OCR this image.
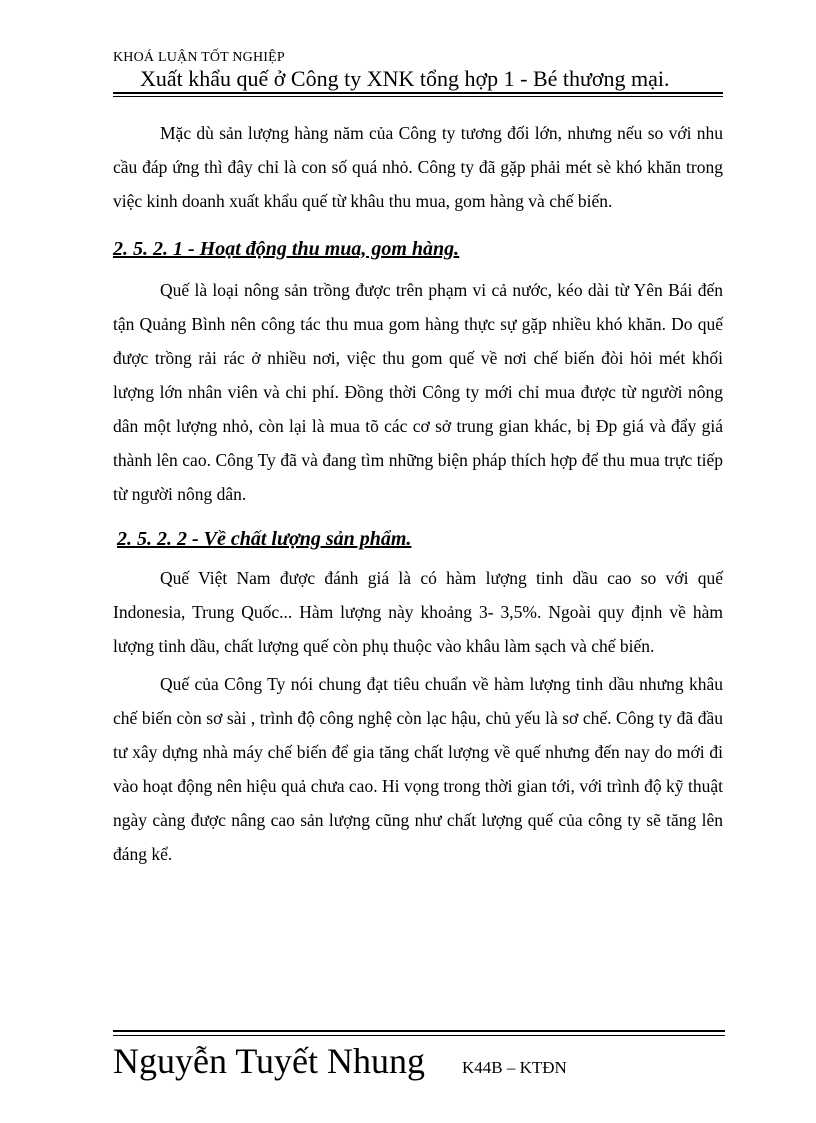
KHOÁ LUẬN TỐT NGHIỆP
Xuất khẩu quế ở Công ty XNK tổng hợp 1 - Bé thương mại.

Mặc dù sản lượng hàng năm của Công ty tương đối lớn, nhưng nếu so với nhu cầu đáp ứng thì đây chỉ là con số quá nhỏ. Công ty đã gặp phải mét sè khó khăn trong việc kinh doanh xuất khẩu quế từ khâu thu mua, gom hàng và chế biến.

2. 5. 2. 1 - Hoạt động thu mua, gom hàng.

Quế là loại nông sản trồng được trên phạm vi cả nước, kéo dài từ Yên Bái đến tận Quảng Bình nên công tác thu mua gom hàng thực sự gặp nhiều khó khăn. Do quế được trồng rải rác ở nhiều nơi, việc thu gom quế về nơi chế biến đòi hỏi mét khối lượng lớn nhân viên và chi phí. Đồng thời Công ty mới chỉ mua được từ người nông dân một lượng nhỏ, còn lại là mua tõ các cơ sở trung gian khác, bị Ðp giá và đẩy giá thành lên cao. Công Ty đã và đang tìm những biện pháp thích hợp để thu mua trực tiếp từ người nông dân.

2. 5. 2. 2 - Về chất lượng sản phẩm.

Quế Việt Nam được đánh giá là có hàm lượng tinh dầu cao so với quế Indonesia, Trung Quốc... Hàm lượng này khoảng 3- 3,5%. Ngoài quy định về hàm lượng tinh dầu, chất lượng quế còn phụ thuộc vào khâu làm sạch và chế biến.

Quế của Công Ty nói chung đạt tiêu chuẩn về hàm lượng tinh dầu nhưng khâu chế biến còn sơ sài , trình độ công nghệ còn lạc hậu, chủ yếu là sơ chế. Công ty đã đầu tư xây dựng nhà máy chế biến để gia tăng chất lượng về quế nhưng đến nay do mới đi vào hoạt động nên hiệu quả chưa cao. Hi vọng trong thời gian tới, với trình độ kỹ thuật ngày càng được nâng cao sản lượng cũng như chất lượng quế của công ty sẽ tăng lên đáng kể.

Nguyễn Tuyết Nhung K44B – KTĐN
